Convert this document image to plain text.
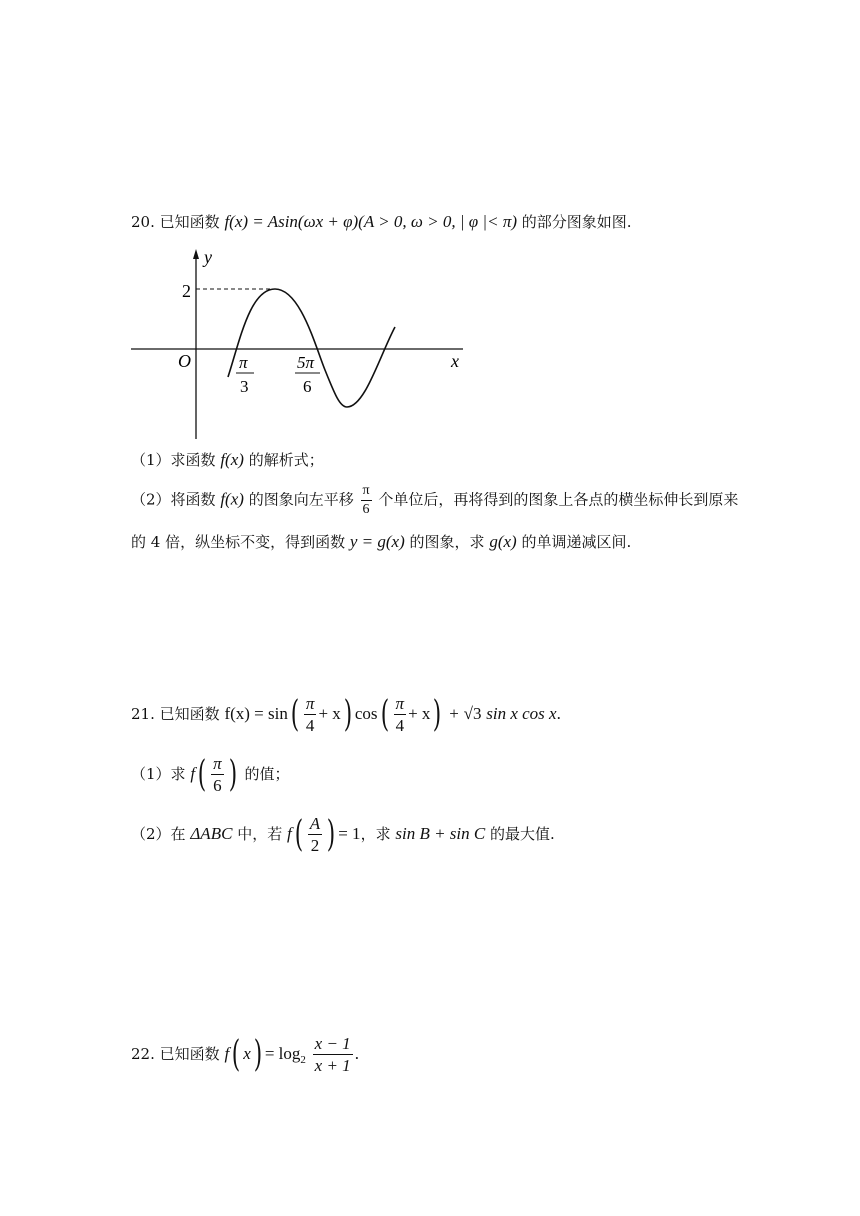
20. 已知函数 f(x) = Asin(ωx + φ)(A > 0, ω > 0, | φ |< π) 的部分图象如图.
y
x
O
2
π
3
5π
6
（1）求函数 f(x) 的解析式；
（2）将函数 f(x) 的图象向左平移 $\frac{\pi}{6}$ 个单位后，再将得到的图象上各点的横坐标伸长到原来
的 4 倍，纵坐标不变，得到函数 y = g(x) 的图象，求 g(x) 的单调递减区间.
21. 已知函数 $f(x) = \sin( \frac{\pi}{4} + x)$ $\cos( \frac{\pi}{4} + x) + √3$ sin x cos x.
（1）求 $f( \frac{\pi}{6}$ ) 的值；
（2）在 ΔABC 中，若 $f( \frac{A}{2}$ ) = 1，求 sin B + sin C 的最大值.
22. 已知函数 f( $x) = \log_2 \frac{x - 1}{x + 1}$ .
